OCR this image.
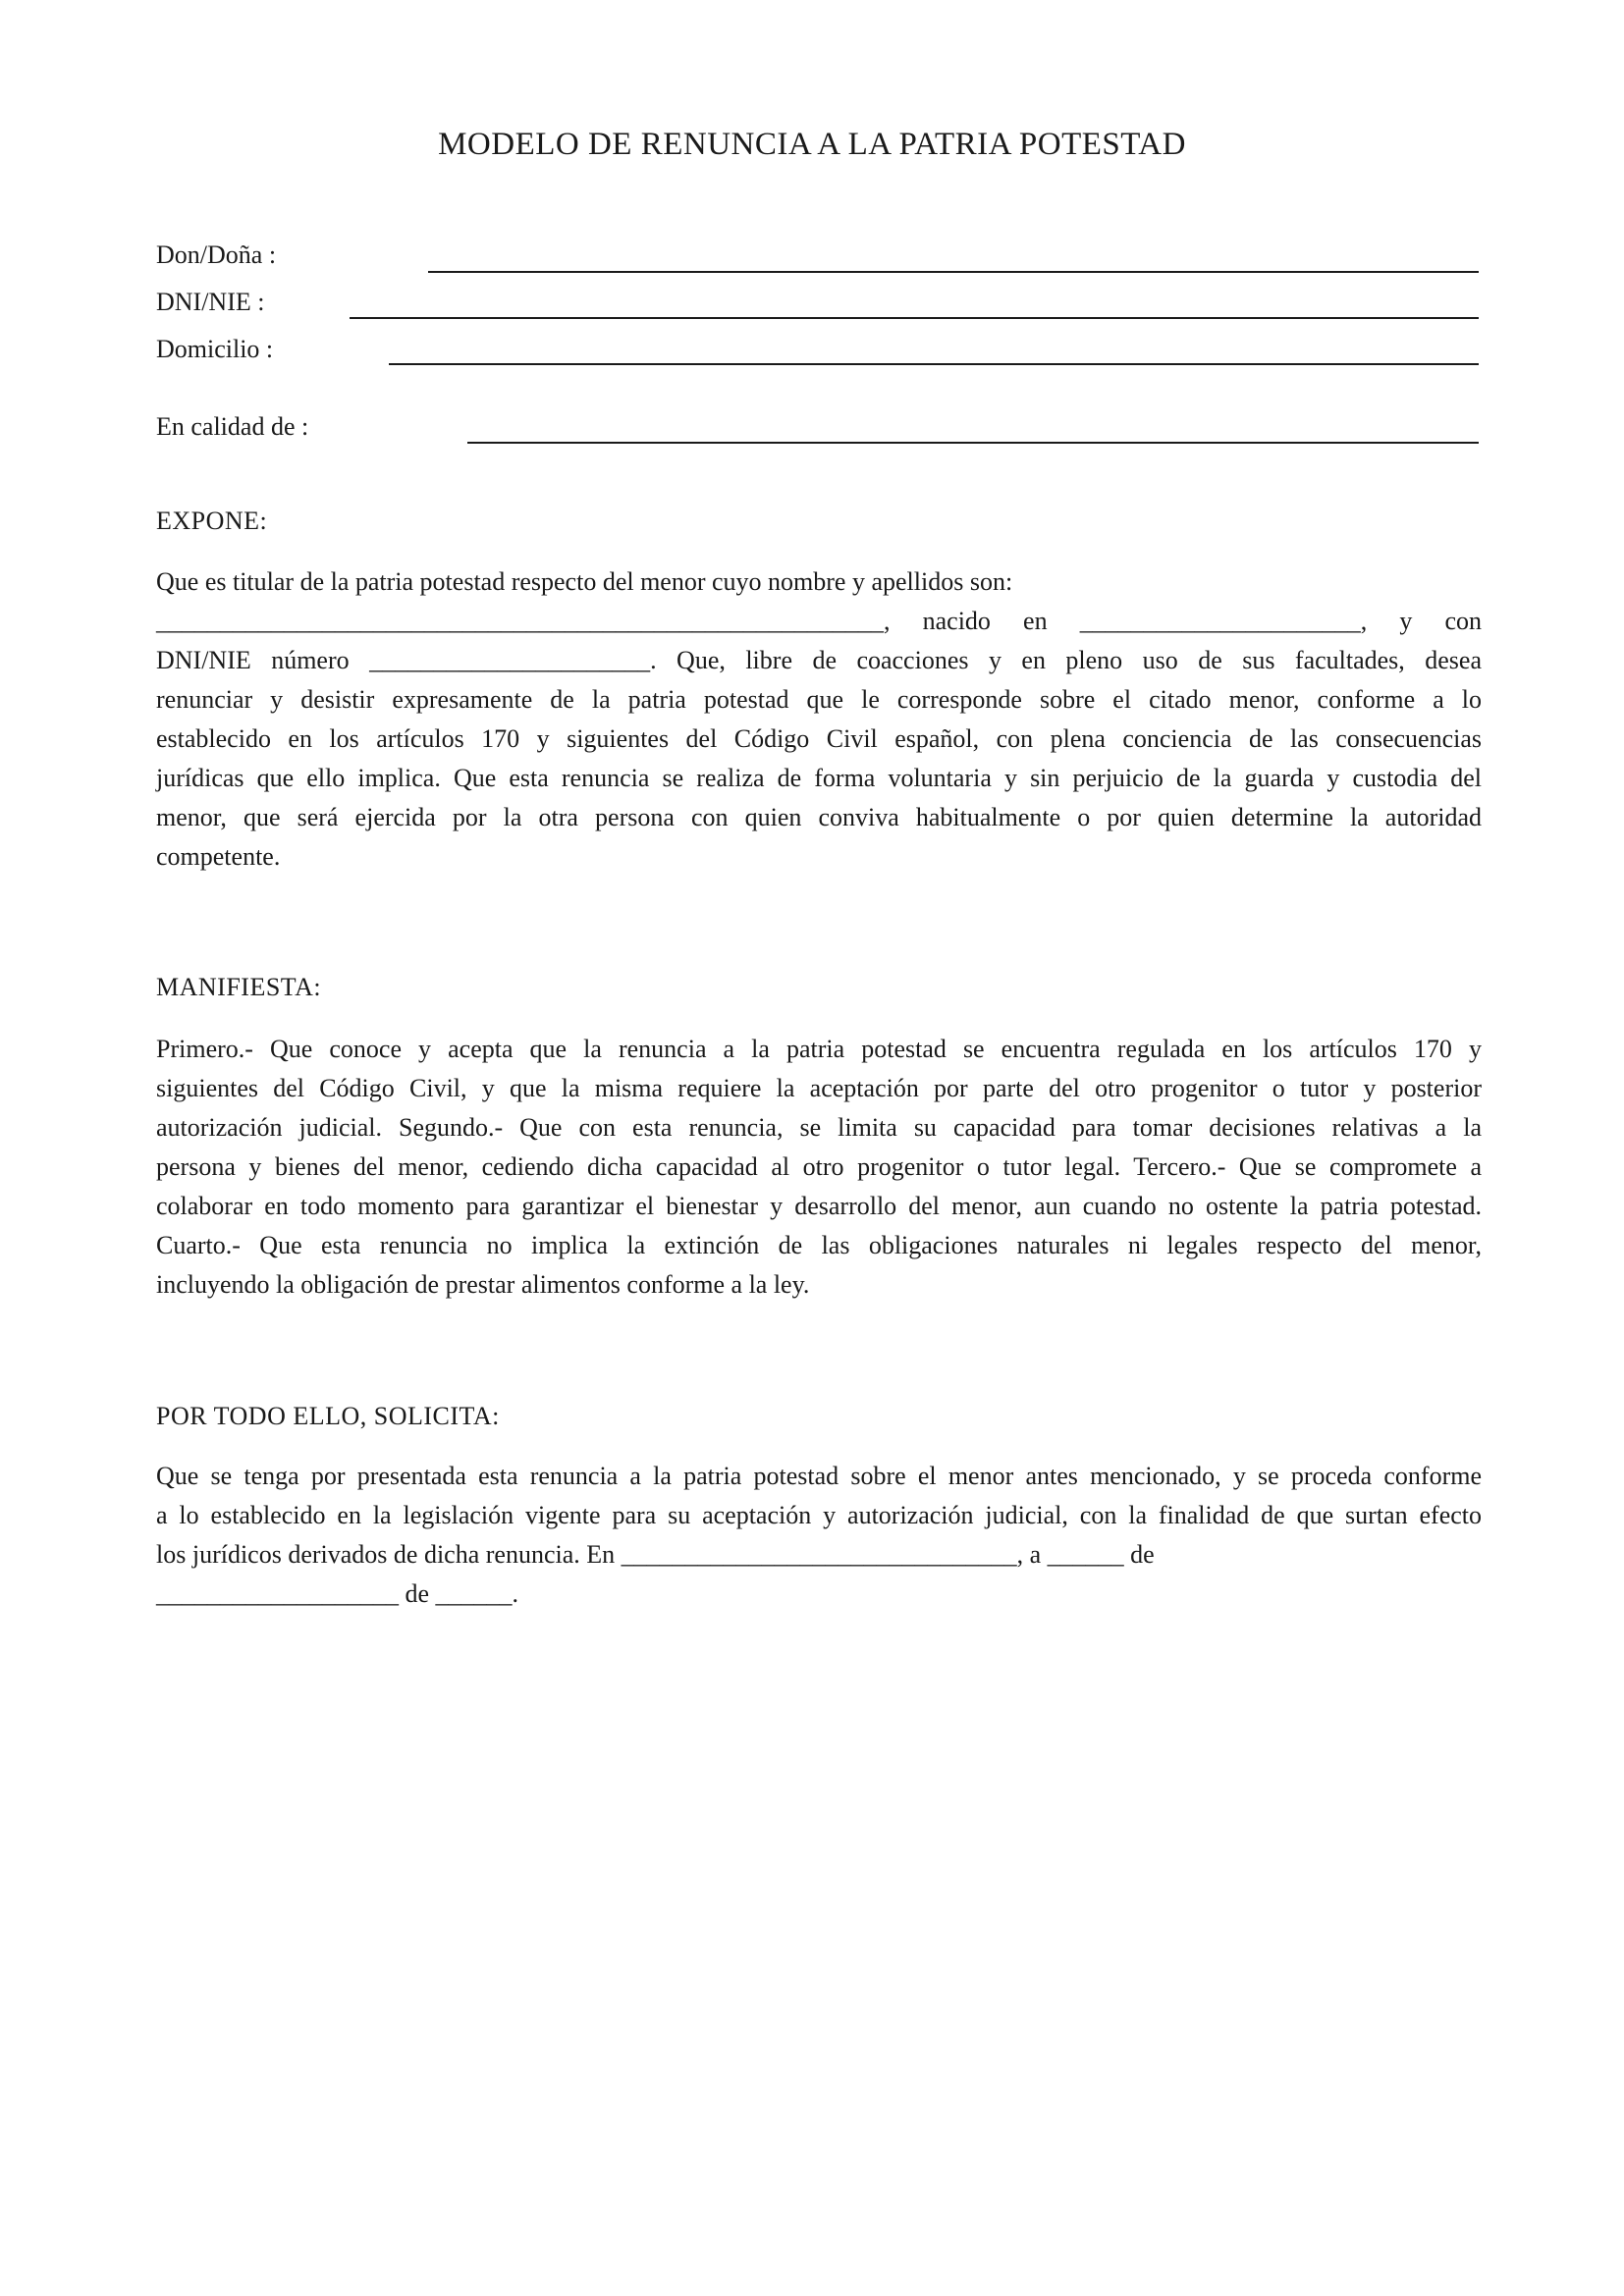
MODELO DE RENUNCIA A LA PATRIA POTESTAD
Don/Doña :
DNI/NIE :
Domicilio :
En calidad de :
EXPONE:
Que es titular de la patria potestad respecto del menor cuyo nombre y apellidos son:
_________________________________________________________, nacido en ______________________, y con
DNI/NIE número ______________________. Que, libre de coacciones y en pleno uso de sus facultades, desea
renunciar y desistir expresamente de la patria potestad que le corresponde sobre el citado menor, conforme a lo
establecido en los artículos 170 y siguientes del Código Civil español, con plena conciencia de las consecuencias
jurídicas que ello implica. Que esta renuncia se realiza de forma voluntaria y sin perjuicio de la guarda y custodia del
menor, que será ejercida por la otra persona con quien conviva habitualmente o por quien determine la autoridad
competente.
MANIFIESTA:
Primero.- Que conoce y acepta que la renuncia a la patria potestad se encuentra regulada en los artículos 170 y
siguientes del Código Civil, y que la misma requiere la aceptación por parte del otro progenitor o tutor y posterior
autorización judicial. Segundo.- Que con esta renuncia, se limita su capacidad para tomar decisiones relativas a la
persona y bienes del menor, cediendo dicha capacidad al otro progenitor o tutor legal. Tercero.- Que se compromete a
colaborar en todo momento para garantizar el bienestar y desarrollo del menor, aun cuando no ostente la patria potestad.
Cuarto.- Que esta renuncia no implica la extinción de las obligaciones naturales ni legales respecto del menor,
incluyendo la obligación de prestar alimentos conforme a la ley.
POR TODO ELLO, SOLICITA:
Que se tenga por presentada esta renuncia a la patria potestad sobre el menor antes mencionado, y se proceda conforme
a lo establecido en la legislación vigente para su aceptación y autorización judicial, con la finalidad de que surtan efecto
los jurídicos derivados de dicha renuncia. En _______________________________, a ______ de
___________________ de ______.
